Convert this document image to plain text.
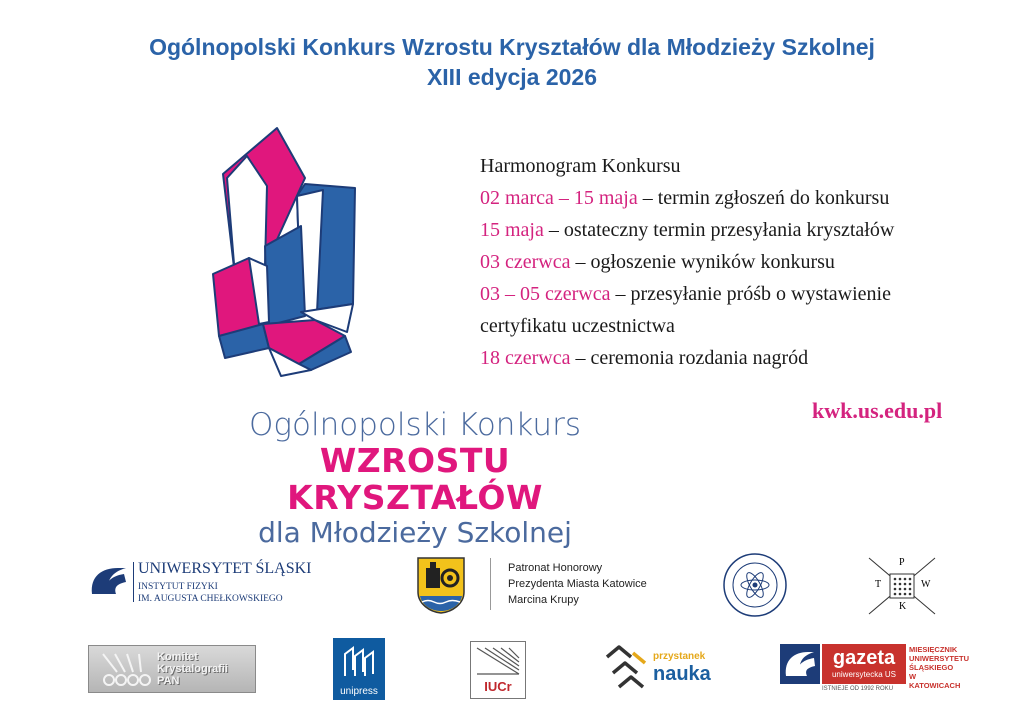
Ogólnopolski Konkurs Wzrostu Kryształów dla Młodzieży Szkolnej
XIII edycja 2026
Ogólnopolski Konkurs
WZROSTU KRYSZTAŁÓW
dla Młodzieży Szkolnej
Harmonogram Konkursu
02 marca – 15 maja – termin zgłoszeń do konkursu
15 maja – ostateczny termin przesyłania kryształów
03 czerwca – ogłoszenie wyników konkursu
03 – 05 czerwca – przesyłanie próśb o wystawienie
certyfikatu uczestnictwa
18 czerwca – ceremonia rozdania nagród
kwk.us.edu.pl
UNIWERSYTET ŚLĄSKI
INSTYTUT FIZYKI
IM. AUGUSTA CHEŁKOWSKIEGO
Patronat Honorowy
Prezydenta Miasta Katowice
Marcina Krupy
P
T	W
K
Komitet
Krystalografii
PAN
unipress	IUCr
przystanek
nauka
gazeta
uniwersytecka US
MIESIĘCZNIK
UNIWERSYTETU
ŚLĄSKIEGO
W KATOWICACH
ISTNIEJE OD 1992 ROKU
